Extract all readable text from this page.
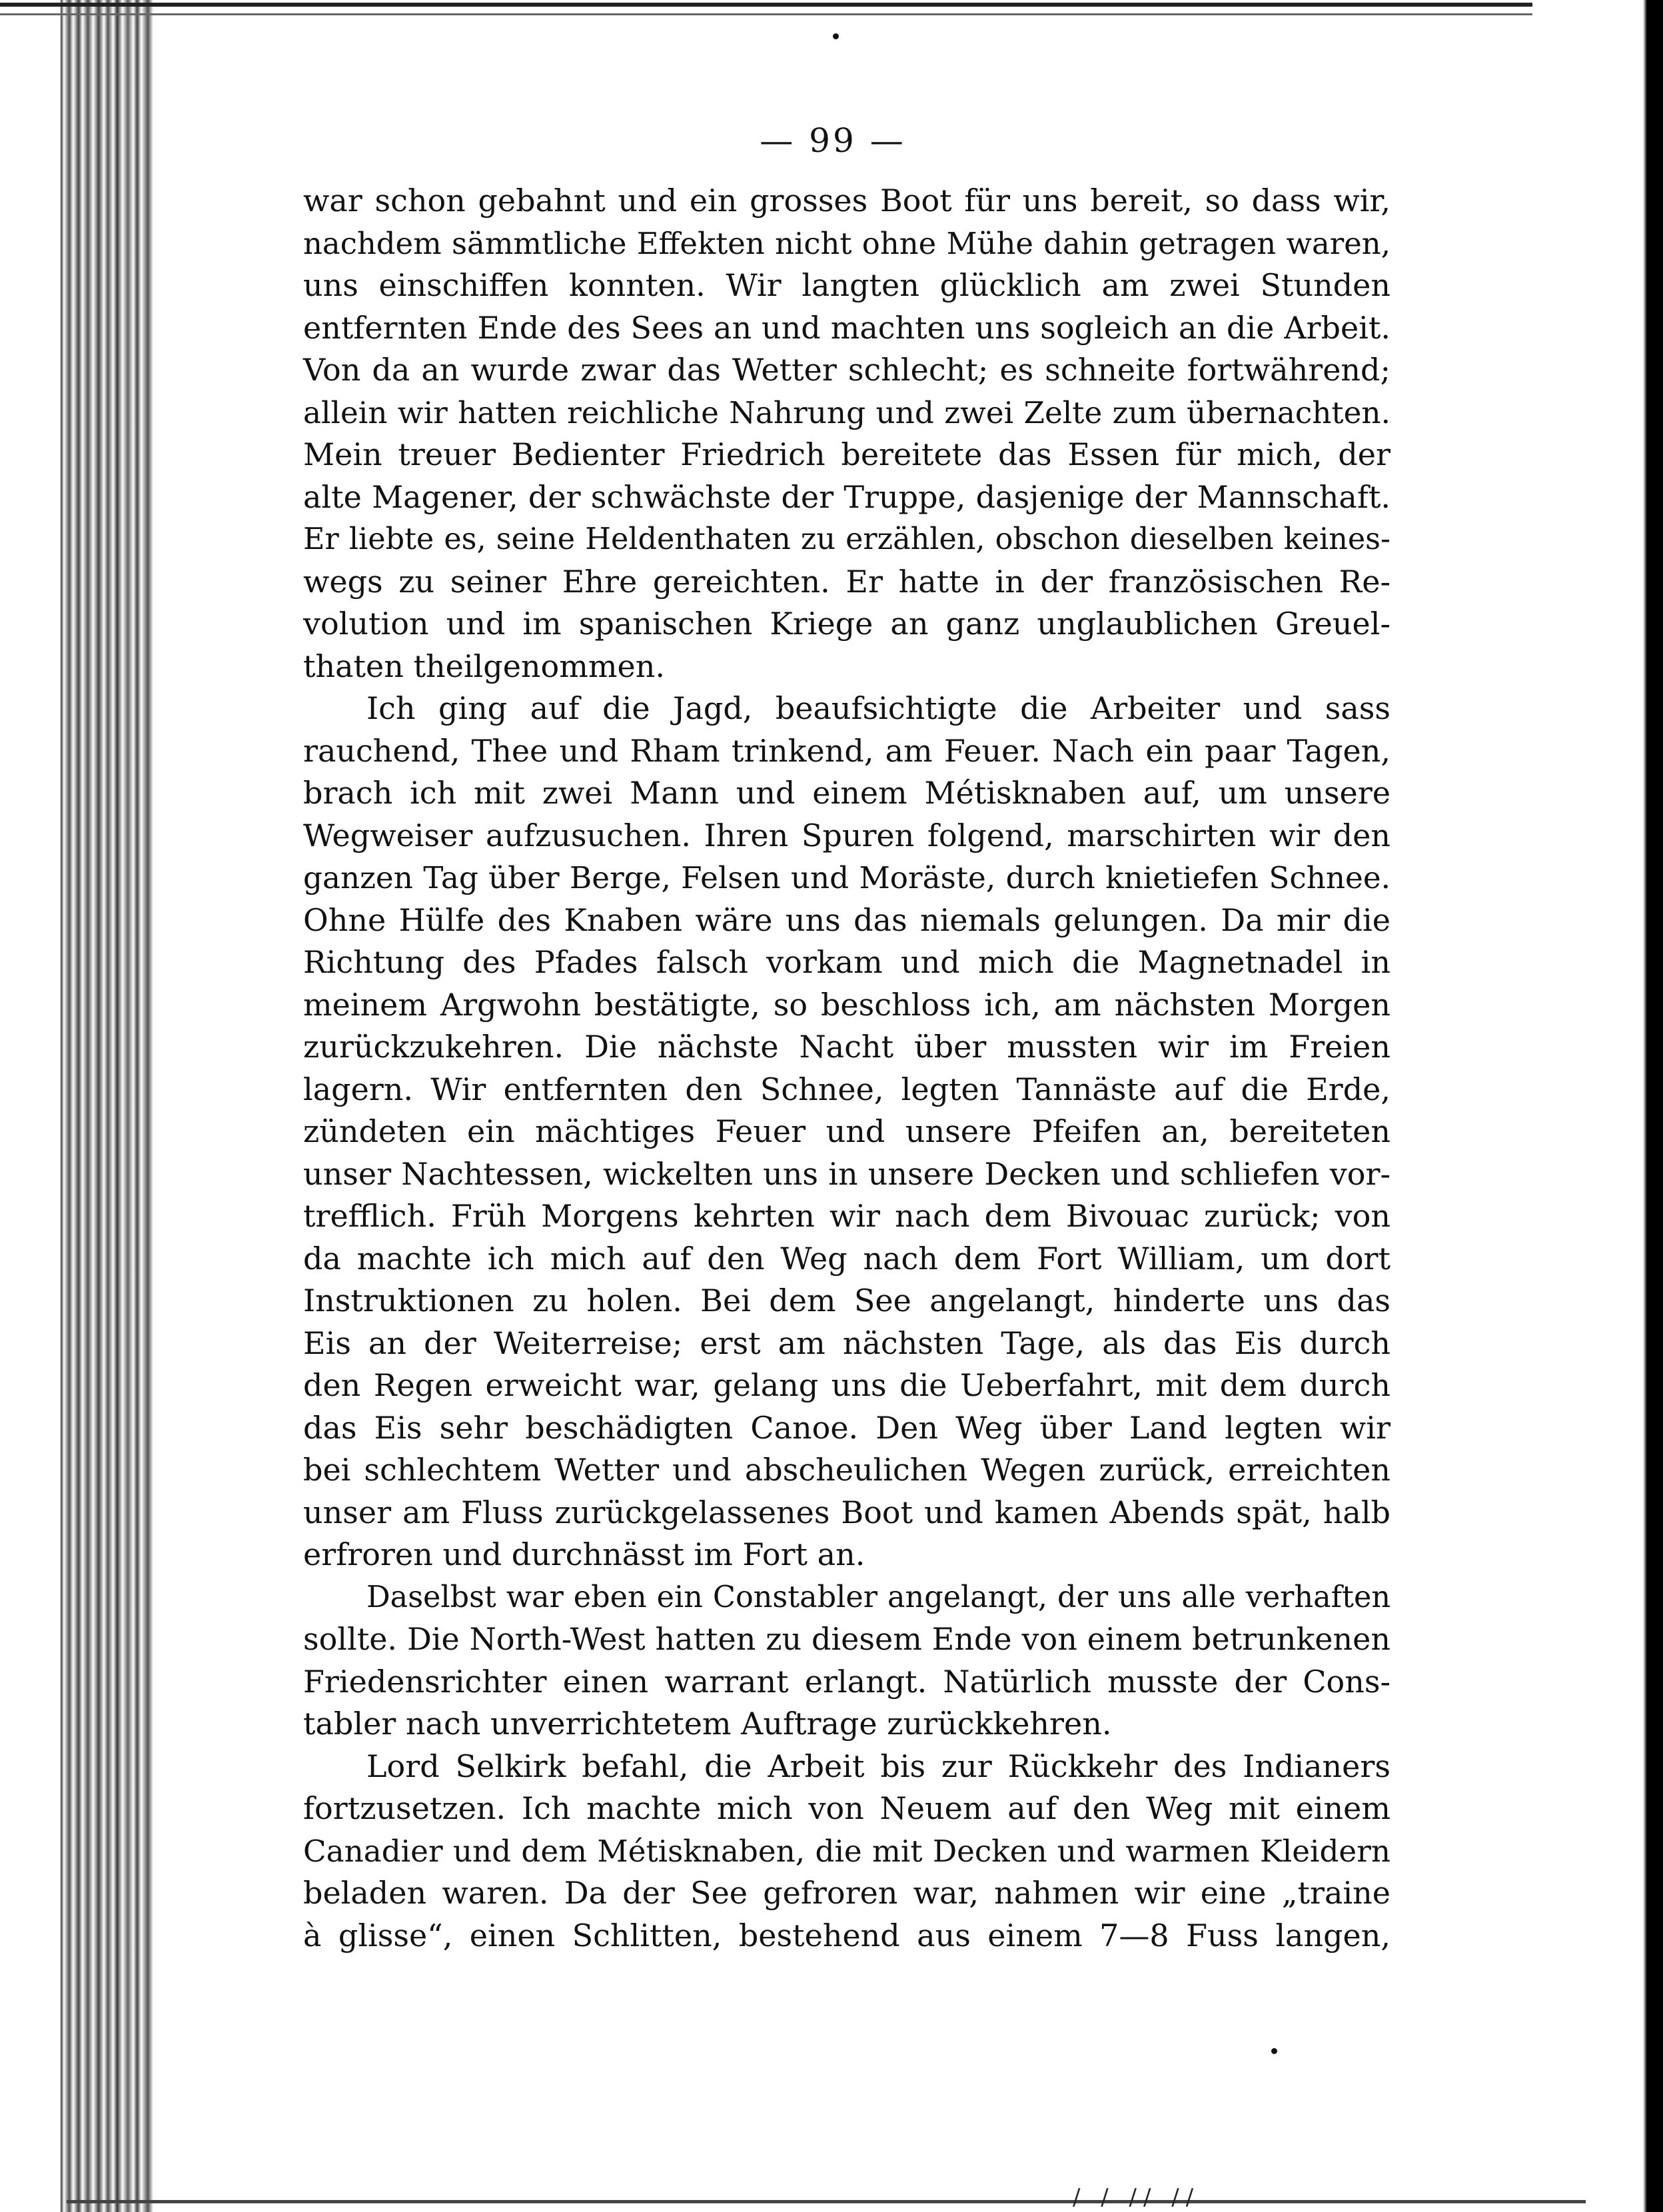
— 99 —
war schon gebahnt und ein grosses Boot für uns bereit, so dass wir,
nachdem sämmtliche Effekten nicht ohne Mühe dahin getragen waren,
uns einschiffen konnten. Wir langten glücklich am zwei Stunden
entfernten Ende des Sees an und machten uns sogleich an die Arbeit.
Von da an wurde zwar das Wetter schlecht; es schneite fortwährend;
allein wir hatten reichliche Nahrung und zwei Zelte zum übernachten.
Mein treuer Bedienter Friedrich bereitete das Essen für mich, der
alte Magener, der schwächste der Truppe, dasjenige der Mannschaft.
Er liebte es, seine Heldenthaten zu erzählen, obschon dieselben keines-
wegs zu seiner Ehre gereichten. Er hatte in der französischen Re-
volution und im spanischen Kriege an ganz unglaublichen Greuel-
thaten theilgenommen.
Ich ging auf die Jagd, beaufsichtigte die Arbeiter und sass
rauchend, Thee und Rham trinkend, am Feuer. Nach ein paar Tagen,
brach ich mit zwei Mann und einem Métisknaben auf, um unsere
Wegweiser aufzusuchen. Ihren Spuren folgend, marschirten wir den
ganzen Tag über Berge, Felsen und Moräste, durch knietiefen Schnee.
Ohne Hülfe des Knaben wäre uns das niemals gelungen. Da mir die
Richtung des Pfades falsch vorkam und mich die Magnetnadel in
meinem Argwohn bestätigte, so beschloss ich, am nächsten Morgen
zurückzukehren. Die nächste Nacht über mussten wir im Freien
lagern. Wir entfernten den Schnee, legten Tannäste auf die Erde,
zündeten ein mächtiges Feuer und unsere Pfeifen an, bereiteten
unser Nachtessen, wickelten uns in unsere Decken und schliefen vor-
trefflich. Früh Morgens kehrten wir nach dem Bivouac zurück; von
da machte ich mich auf den Weg nach dem Fort William, um dort
Instruktionen zu holen. Bei dem See angelangt, hinderte uns das
Eis an der Weiterreise; erst am nächsten Tage, als das Eis durch
den Regen erweicht war, gelang uns die Ueberfahrt, mit dem durch
das Eis sehr beschädigten Canoe. Den Weg über Land legten wir
bei schlechtem Wetter und abscheulichen Wegen zurück, erreichten
unser am Fluss zurückgelassenes Boot und kamen Abends spät, halb
erfroren und durchnässt im Fort an.
Daselbst war eben ein Constabler angelangt, der uns alle verhaften
sollte. Die North-West hatten zu diesem Ende von einem betrunkenen
Friedensrichter einen warrant erlangt. Natürlich musste der Cons-
tabler nach unverrichtetem Auftrage zurückkehren.
Lord Selkirk befahl, die Arbeit bis zur Rückkehr des Indianers
fortzusetzen. Ich machte mich von Neuem auf den Weg mit einem
Canadier und dem Métisknaben, die mit Decken und warmen Kleidern
beladen waren. Da der See gefroren war, nahmen wir eine „traine
à glisse“, einen Schlitten, bestehend aus einem 7—8 Fuss langen,
/ / // //
